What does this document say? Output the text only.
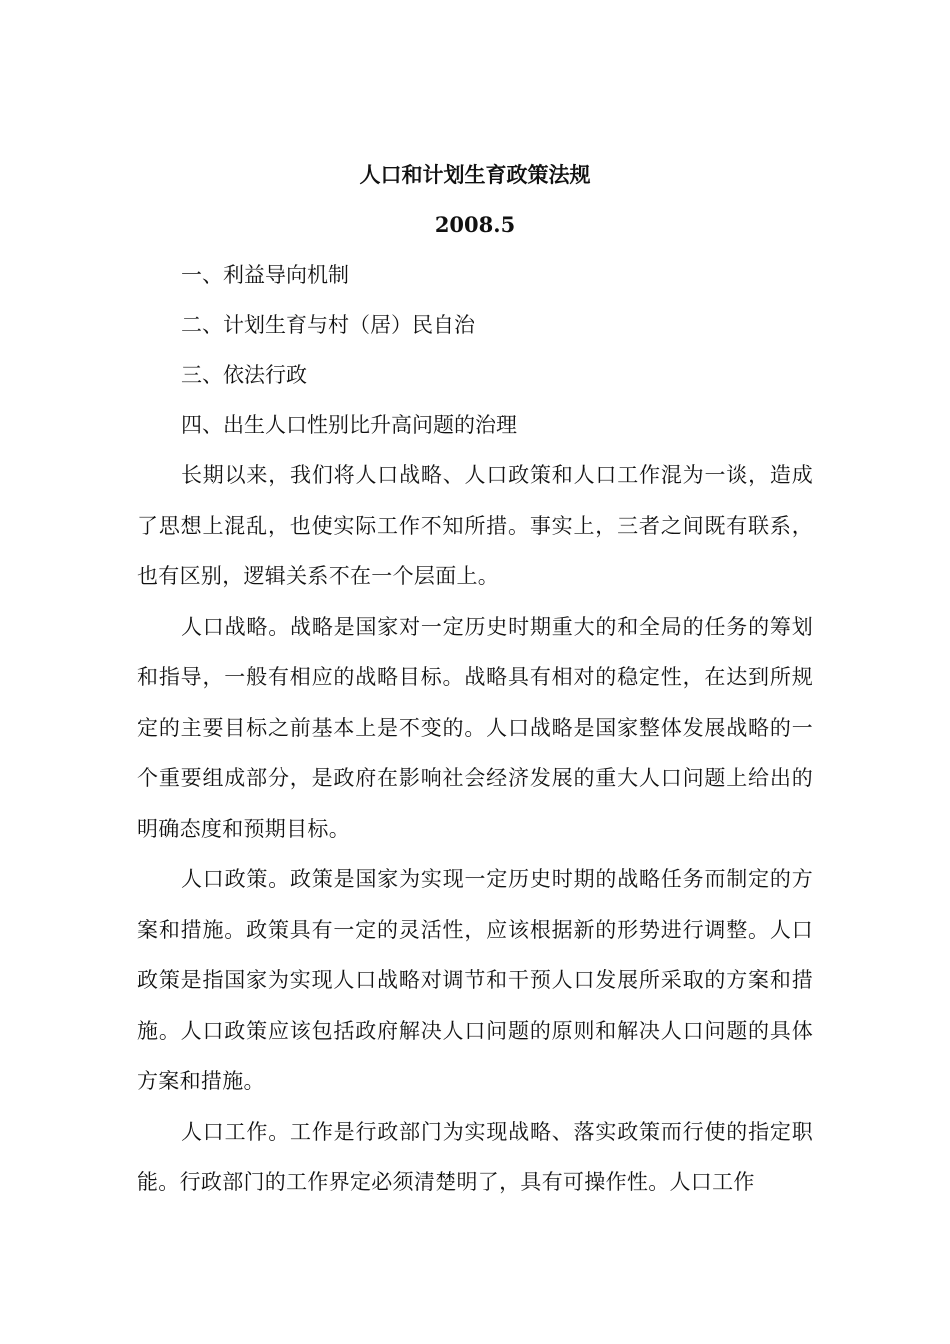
人口和计划生育政策法规
2008.5

一、利益导向机制

二、计划生育与村（居）民自治

三、依法行政

四、出生人口性别比升高问题的治理

长期以来，我们将人口战略、人口政策和人口工作混为一谈，造成了思想上混乱，也使实际工作不知所措。事实上，三者之间既有联系，也有区别，逻辑关系不在一个层面上。

人口战略。战略是国家对一定历史时期重大的和全局的任务的筹划和指导，一般有相应的战略目标。战略具有相对的稳定性，在达到所规定的主要目标之前基本上是不变的。人口战略是国家整体发展战略的一个重要组成部分，是政府在影响社会经济发展的重大人口问题上给出的明确态度和预期目标。

人口政策。政策是国家为实现一定历史时期的战略任务而制定的方案和措施。政策具有一定的灵活性，应该根据新的形势进行调整。人口政策是指国家为实现人口战略对调节和干预人口发展所采取的方案和措施。人口政策应该包括政府解决人口问题的原则和解决人口问题的具体方案和措施。

人口工作。工作是行政部门为实现战略、落实政策而行使的指定职能。行政部门的工作界定必须清楚明了，具有可操作性。人口工作
